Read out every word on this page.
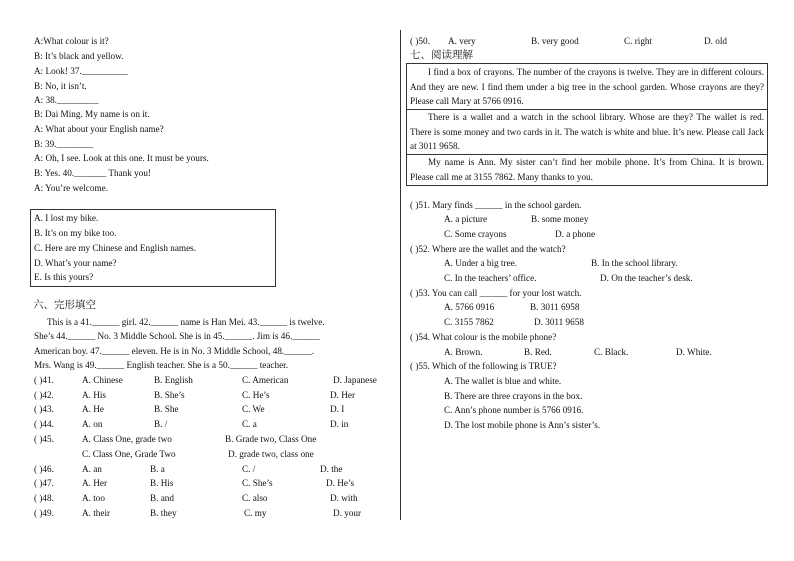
A:What colour is it?
B: It’s black and yellow.
A: Look! 37.__________
B: No, it isn’t.
A: 38._________
B: Dai Ming. My name is on it.
A: What about your English name?
B: 39.________
A: Oh, I see. Look at this one. It must be yours.
B: Yes. 40._______ Thank you!
A: You’re welcome.
A. I lost my bike.
B. It’s on my bike too.
C. Here are my Chinese and English names.
D. What’s your name?
E. Is this yours?
六、完形填空
This is a 41.______ girl. 42.______ name is Han Mei. 43.______ is twelve.
She’s 44.______ No. 3 Middle School. She is in 45.______. Jim is 46.______
American boy. 47.______ eleven. He is in No. 3 Middle School, 48.______.
Mrs. Wang is 49.______ English teacher. She is a 50.______ teacher.
( )41.	A. Chinese	B. English	C. American	D. Japanese
( )42.	A. His	B. She’s	C. He’s	D. Her
( )43.	A. He	B. She	C. We	D. I
( )44.	A. on	B. /	C. a	D. in
( )45.	A. Class One, grade two	B. Grade two, Class One
C. Class One, Grade Two	D. grade two, class one
( )46.	A. an	B. a	C. /	D. the
( )47.	A. Her	B. His	C. She’s	D. He’s
( )48.	A. too	B. and	C. also	D. with
( )49.	A. their	B. they	C. my	D. your
( )50. A. very	B. very good	C. right	D. old
七、阅读理解
I find a box of crayons. The number of the crayons is twelve. They are in different colours. And they are new. I find them under a big tree in the school garden. Whose crayons are they? Please call Mary at 5766 0916.
There is a wallet and a watch in the school library. Whose are they? The wallet is red. There is some money and two cards in it. The watch is white and blue. It’s new. Please call Jack at 3011 9658.
My name is Ann. My sister can’t find her mobile phone. It’s from China. It is brown. Please call me at 3155 7862. Many thanks to you.
( )51. Mary finds ______ in the school garden.
A. a picture	B. some money
C. Some crayons	D. a phone
( )52. Where are the wallet and the watch?
A. Under a big tree.	B. In the school library.
C. In the teachers’ office.	D. On the teacher’s desk.
( )53. You can call ______ for your lost watch.
A. 5766 0916	B. 3011 6958
C. 3155 7862	D. 3011 9658
( )54. What colour is the mobile phone?
A. Brown.	B. Red.	C. Black.	D. White.
( )55. Which of the following is TRUE?
A. The wallet is blue and white.
B. There are three crayons in the box.
C. Ann’s phone number is 5766 0916.
D. The lost mobile phone is Ann’s sister’s.
